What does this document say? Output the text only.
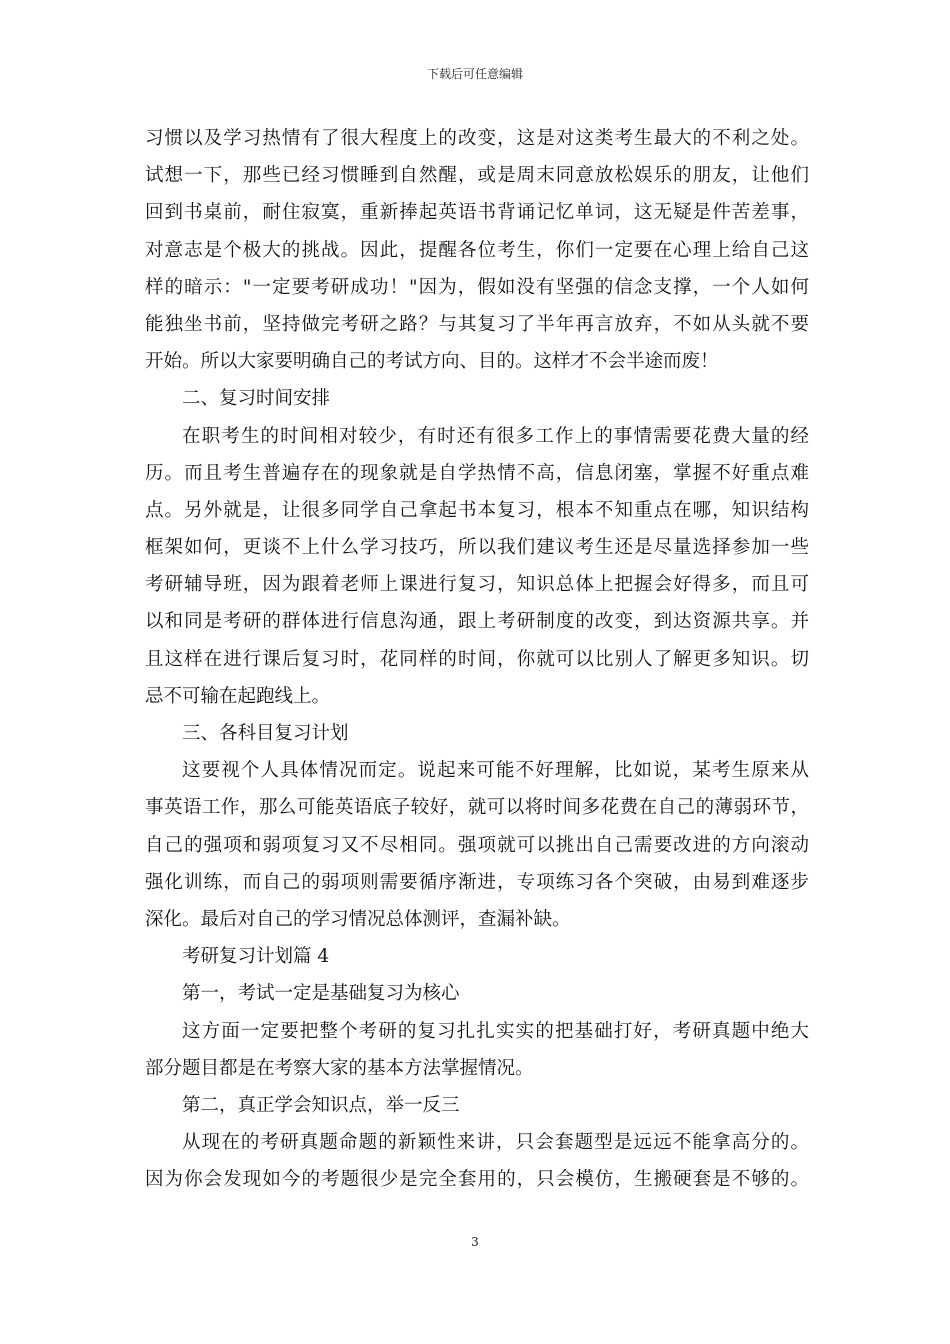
下载后可任意编辑
习惯以及学习热情有了很大程度上的改变，这是对这类考生最大的不利之处。
试想一下，那些已经习惯睡到自然醒，或是周末同意放松娱乐的朋友，让他们
回到书桌前，耐住寂寞，重新捧起英语书背诵记忆单词，这无疑是件苦差事，
对意志是个极大的挑战。因此，提醒各位考生，你们一定要在心理上给自己这
样的暗示："一定要考研成功！"因为，假如没有坚强的信念支撑，一个人如何
能独坐书前，坚持做完考研之路？与其复习了半年再言放弃，不如从头就不要
开始。所以大家要明确自己的考试方向、目的。这样才不会半途而废！
二、复习时间安排
在职考生的时间相对较少，有时还有很多工作上的事情需要花费大量的经
历。而且考生普遍存在的现象就是自学热情不高，信息闭塞，掌握不好重点难
点。另外就是，让很多同学自己拿起书本复习，根本不知重点在哪，知识结构
框架如何，更谈不上什么学习技巧，所以我们建议考生还是尽量选择参加一些
考研辅导班，因为跟着老师上课进行复习，知识总体上把握会好得多，而且可
以和同是考研的群体进行信息沟通，跟上考研制度的改变，到达资源共享。并
且这样在进行课后复习时，花同样的时间，你就可以比别人了解更多知识。切
忌不可输在起跑线上。
三、各科目复习计划
这要视个人具体情况而定。说起来可能不好理解，比如说，某考生原来从
事英语工作，那么可能英语底子较好，就可以将时间多花费在自己的薄弱环节，
自己的强项和弱项复习又不尽相同。强项就可以挑出自己需要改进的方向滚动
强化训练，而自己的弱项则需要循序渐进，专项练习各个突破，由易到难逐步
深化。最后对自己的学习情况总体测评，查漏补缺。
考研复习计划篇 4
第一，考试一定是基础复习为核心
这方面一定要把整个考研的复习扎扎实实的把基础打好，考研真题中绝大
部分题目都是在考察大家的基本方法掌握情况。
第二，真正学会知识点，举一反三
从现在的考研真题命题的新颖性来讲，只会套题型是远远不能拿高分的。
因为你会发现如今的考题很少是完全套用的，只会模仿，生搬硬套是不够的。
3
